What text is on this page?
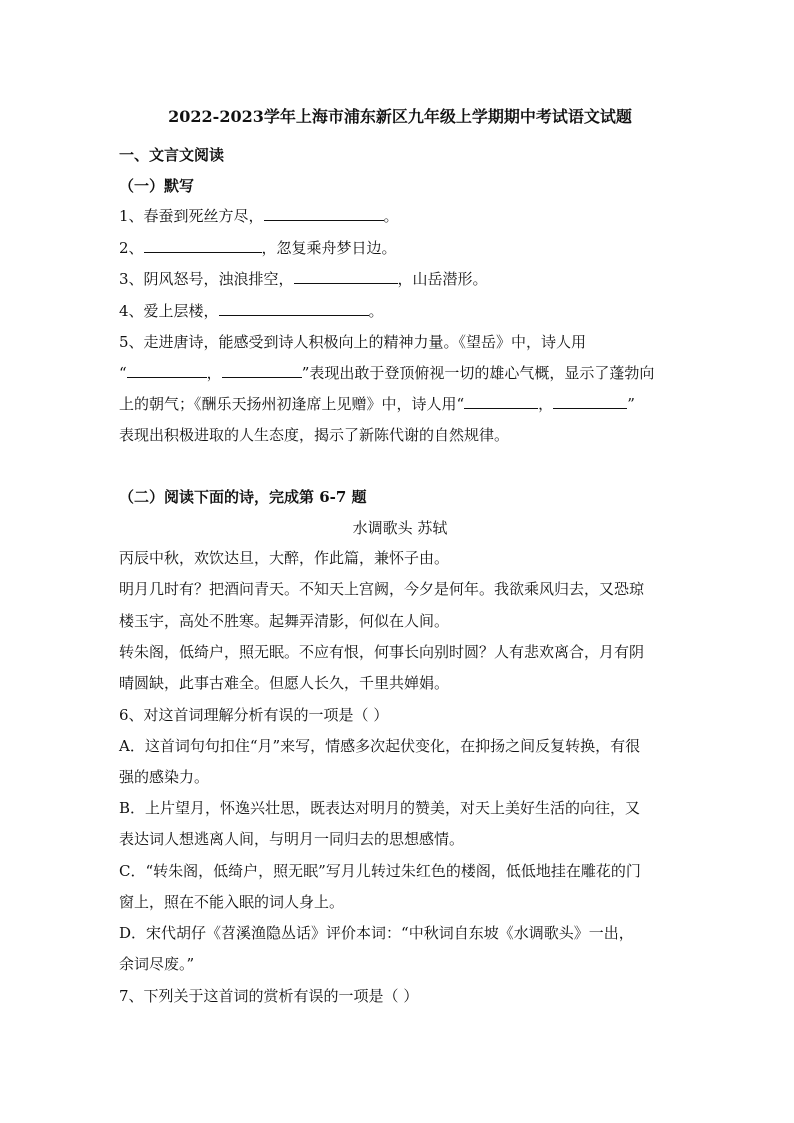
2022-2023学年上海市浦东新区九年级上学期期中考试语文试题
一、文言文阅读
（一）默写
1、春蚕到死丝方尽，	。
2、	，忽复乘舟梦日边。
3、阴风怒号，浊浪排空，	，山岳潜形。
4、爱上层楼，	。
5、走进唐诗，能感受到诗人积极向上的精神力量。《望岳》中，诗人用
“	，	”表现出敢于登顶俯视一切的雄心气概，显示了蓬勃向
上的朝气；《酬乐天扬州初逢席上见赠》中，诗人用“	，	”
表现出积极进取的人生态度，揭示了新陈代谢的自然规律。
（二）阅读下面的诗，完成第 6-7 题
水调歌头 苏轼
丙辰中秋，欢饮达旦，大醉，作此篇，兼怀子由。
明月几时有？把酒问青天。不知天上宫阙，今夕是何年。我欲乘风归去，又恐琼
楼玉宇，高处不胜寒。起舞弄清影，何似在人间。
转朱阁，低绮户，照无眠。不应有恨，何事长向别时圆？人有悲欢离合，月有阴
晴圆缺，此事古难全。但愿人长久，千里共婵娟。
6、对这首词理解分析有误的一项是（ ）
A．这首词句句扣住“月”来写，情感多次起伏变化，在抑扬之间反复转换，有很
强的感染力。
B．上片望月，怀逸兴壮思，既表达对明月的赞美，对天上美好生活的向往，又
表达词人想逃离人间，与明月一同归去的思想感情。
C．“转朱阁，低绮户，照无眠”写月儿转过朱红色的楼阁，低低地挂在雕花的门
窗上，照在不能入眠的词人身上。
D．宋代胡仔《苕溪渔隐丛话》评价本词：“中秋词自东坡《水调歌头》一出，
余词尽废。”
7、下列关于这首词的赏析有误的一项是（ ）
